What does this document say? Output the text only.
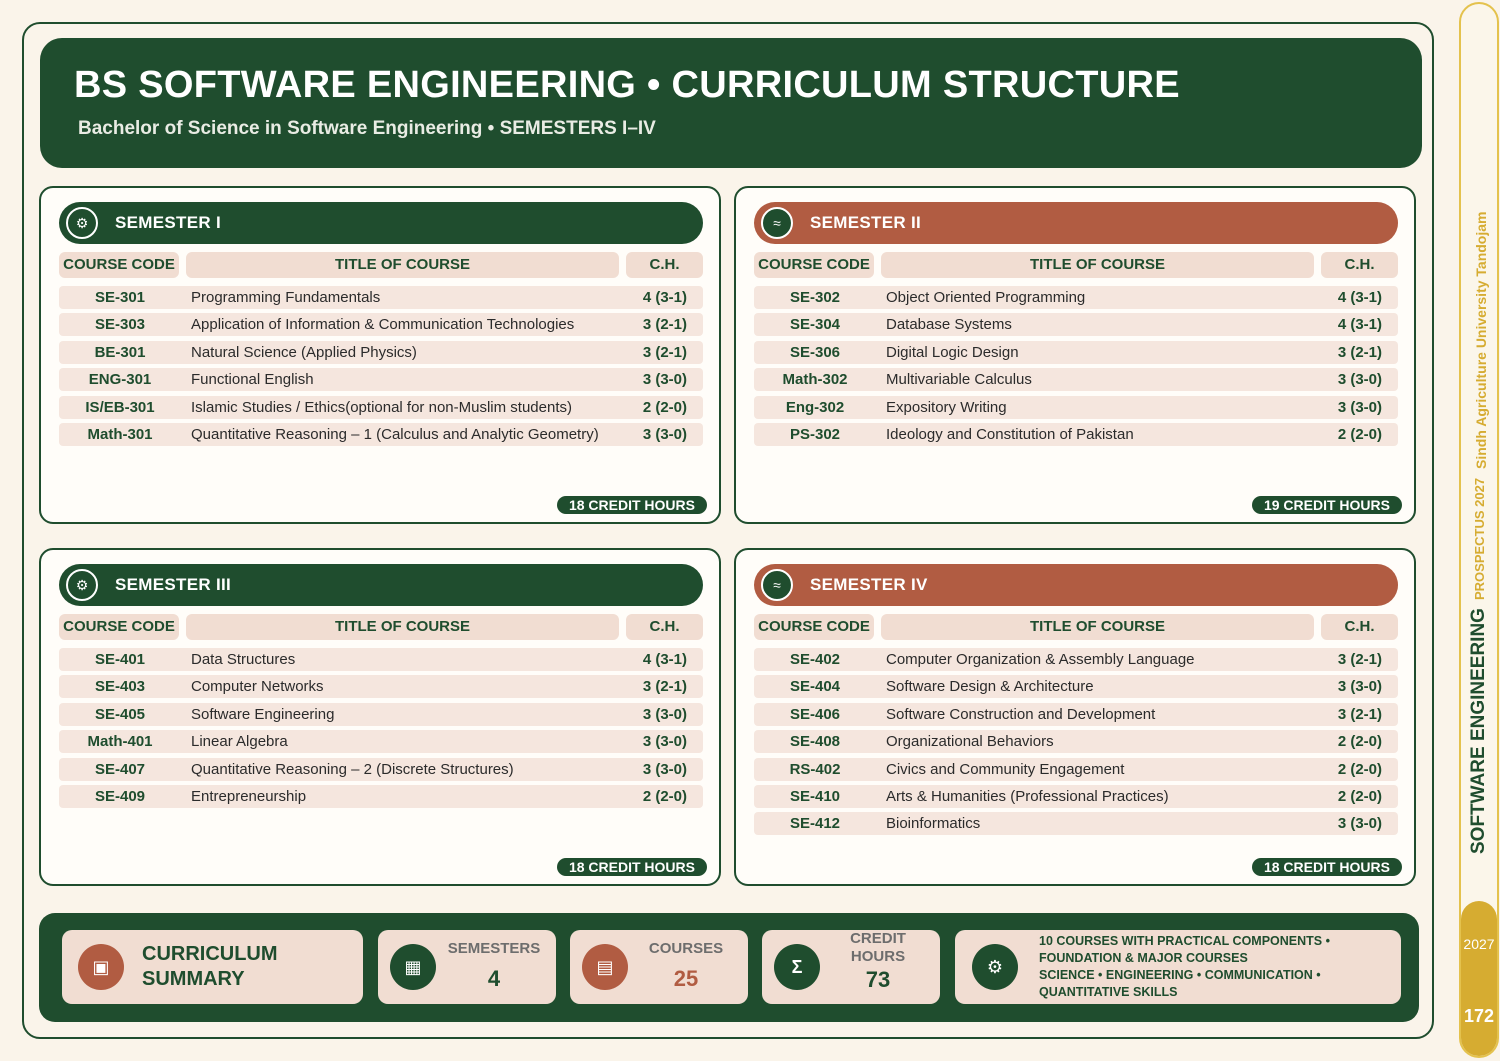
BS SOFTWARE ENGINEERING • CURRICULUM STRUCTURE
Bachelor of Science in Software Engineering • SEMESTERS I–IV
⚙	SEMESTER I
COURSE CODE	TITLE OF COURSE	C.H.
SE-301	Programming Fundamentals	4 (3-1)
SE-303	Application of Information & Communication Technologies	3 (2-1)
BE-301	Natural Science (Applied Physics)	3 (2-1)
ENG-301	Functional English	3 (3-0)
IS/EB-301	Islamic Studies / Ethics(optional for non-Muslim students)	2 (2-0)
Math-301	Quantitative Reasoning – 1 (Calculus and Analytic Geometry)	3 (3-0)
18 CREDIT HOURS
≈	SEMESTER II
COURSE CODE	TITLE OF COURSE	C.H.
SE-302	Object Oriented Programming	4 (3-1)
SE-304	Database Systems	4 (3-1)
SE-306	Digital Logic Design	3 (2-1)
Math-302	Multivariable Calculus	3 (3-0)
Eng-302	Expository Writing	3 (3-0)
PS-302	Ideology and Constitution of Pakistan	2 (2-0)
19 CREDIT HOURS
⚙	SEMESTER III
COURSE CODE	TITLE OF COURSE	C.H.
SE-401	Data Structures	4 (3-1)
SE-403	Computer Networks	3 (2-1)
SE-405	Software Engineering	3 (3-0)
Math-401	Linear Algebra	3 (3-0)
SE-407	Quantitative Reasoning – 2 (Discrete Structures)	3 (3-0)
SE-409	Entrepreneurship	2 (2-0)
18 CREDIT HOURS
≈	SEMESTER IV
COURSE CODE	TITLE OF COURSE	C.H.
SE-402	Computer Organization & Assembly Language	3 (2-1)
SE-404	Software Design & Architecture	3 (3-0)
SE-406	Software Construction and Development	3 (2-1)
SE-408	Organizational Behaviors	2 (2-0)
RS-402	Civics and Community Engagement	2 (2-0)
SE-410	Arts & Humanities (Professional Practices)	2 (2-0)
SE-412	Bioinformatics	3 (3-0)
18 CREDIT HOURS
▣
CURRICULUM
SUMMARY
▦
SEMESTERS
4	▤
COURSES
25	Σ
CREDIT
HOURS
73	⚙
10 COURSES WITH PRACTICAL COMPONENTS •
FOUNDATION & MAJOR COURSES
SCIENCE • ENGINEERING • COMMUNICATION •
QUANTITATIVE SKILLS
Sindh Agriculture University Tandojam
PROSPECTUS 2027
SOFTWARE ENGINEERING
2027
172
